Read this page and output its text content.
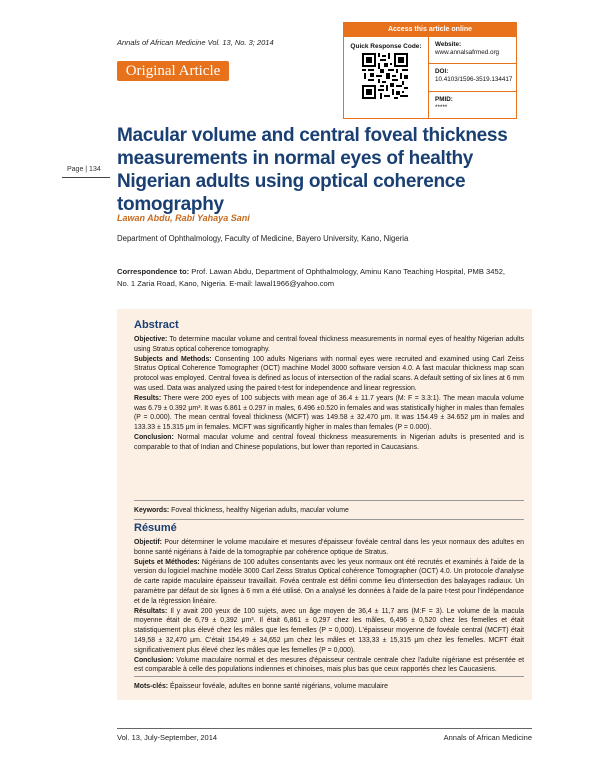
Annals of African Medicine Vol. 13, No. 3; 2014
Original Article
Page | 134
Access this article online
Quick Response Code:	Website:
www.annalsafrmed.org
DOI:
10.4103/1596-3519.134417
PMID:
*****
Macular volume and central foveal thickness measurements in normal eyes of healthy Nigerian adults using optical coherence tomography
Lawan Abdu, Rabi Yahaya Sani
Department of Ophthalmology, Faculty of Medicine, Bayero University, Kano, Nigeria
Correspondence to: Prof. Lawan Abdu, Department of Ophthalmology, Aminu Kano Teaching Hospital, PMB 3452, No. 1 Zaria Road, Kano, Nigeria. E-mail: lawal1966@yahoo.com
Abstract
Objective: To determine macular volume and central foveal thickness measurements in normal eyes of healthy Nigerian adults using Stratus optical coherence tomography.
Subjects and Methods: Consenting 100 adults Nigerians with normal eyes were recruited and examined using Carl Zeiss Stratus Optical Coherence Tomographer (OCT) machine Model 3000 software version 4.0. A fast macular thickness map scan protocol was employed. Central fovea is defined as locus of intersection of the radial scans. A default setting of six lines at 6 mm was used. Data was analyzed using the paired t-test for independence and linear regression.
Results: There were 200 eyes of 100 subjects with mean age of 36.4 ± 11.7 years (M: F = 3.3:1). The mean macula volume was 6.79 ± 0.392 μm³. It was 6.861 ± 0.297 in males, 6.496 ±0.520 in females and was statistically higher in males than females (P = 0.000). The mean central foveal thickness (MCFT) was 149.58 ± 32.470 μm. It was 154.49 ± 34.652 μm in males and 133.33 ± 15.315 μm in females. MCFT was significantly higher in males than females (P = 0.000).
Conclusion: Normal macular volume and central foveal thickness measurements in Nigerian adults is presented and is comparable to that of Indian and Chinese populations, but lower than reported in Caucasians.
Keywords: Foveal thickness, healthy Nigerian adults, macular volume
Résumé
Objectif: Pour déterminer le volume maculaire et mesures d'épaisseur fovéale central dans les yeux normaux des adultes en bonne santé nigérians à l'aide de la tomographie par cohérence optique de Stratus.
Sujets et Méthodes: Nigérians de 100 adultes consentants avec les yeux normaux ont été recrutés et examinés à l'aide de la version du logiciel machine modèle 3000 Carl Zeiss Stratus Optical cohérence Tomographer (OCT) 4.0. Un protocole d'analyse de carte rapide maculaire épaisseur travaillait. Fovéa centrale est défini comme lieu d'intersection des balayages radiaux. Un paramètre par défaut de six lignes à 6 mm a été utilisé. On a analysé les données à l'aide de la paire t-test pour l'indépendance et de la régression linéaire.
Résultats: Il y avait 200 yeux de 100 sujets, avec un âge moyen de 36,4 ± 11,7 ans (M:F = 3). Le volume de la macula moyenne était de 6,79 ± 0,392 μm³. Il était 6,861 ± 0,297 chez les mâles, 6,496 ± 0,520 chez les femelles et était statistiquement plus élevé chez les mâles que les femelles (P = 0,000). L'épaisseur moyenne de fovéale central (MCFT) était 149,58 ± 32,470 μm. C'était 154,49 ± 34,652 μm chez les mâles et 133,33 ± 15,315 μm chez les femelles. MCFT était significativement plus élevé chez les mâles que les femelles (P = 0,000).
Conclusion: Volume maculaire normal et des mesures d'épaisseur centrale centrale chez l'adulte nigériane est présentée et est comparable à celle des populations indiennes et chinoises, mais plus bas que ceux rapportés chez les Caucasiens.
Mots-clés: Épaisseur fovéale, adultes en bonne santé nigérians, volume maculaire
Vol. 13, July-September, 2014	Annals of African Medicine
